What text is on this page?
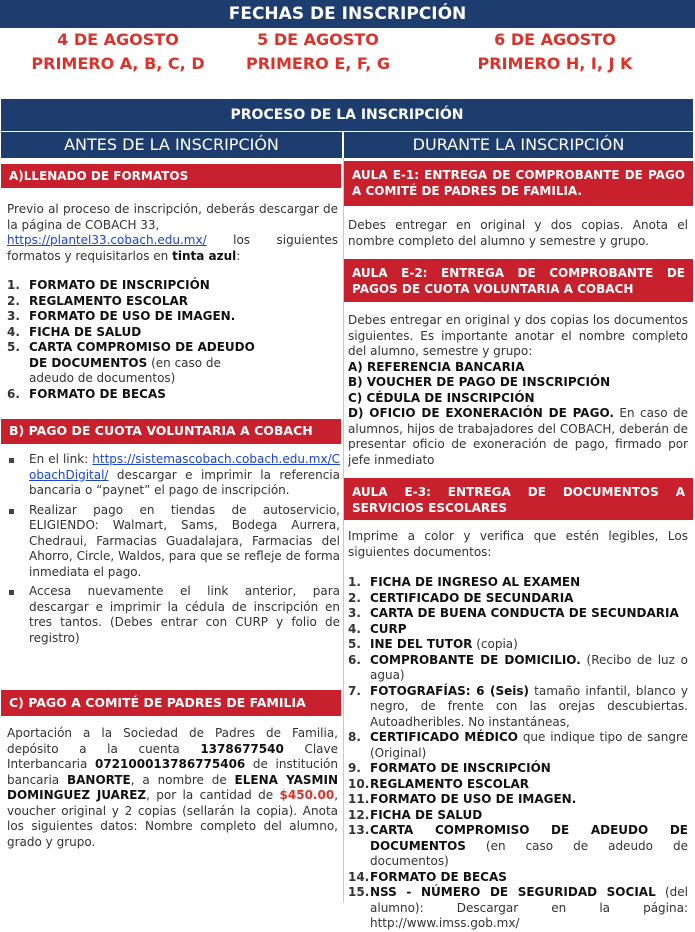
FECHAS DE INSCRIPCIÓN
4 DE AGOSTO
PRIMERO A, B, C, D
5 DE AGOSTO
PRIMERO E, F, G
6 DE AGOSTO
PRIMERO H, I, J K
PROCESO DE LA INSCRIPCIÓN
ANTES DE LA INSCRIPCIÓN	DURANTE LA INSCRIPCIÓN
A)LLENADO DE FORMATOS
Previo al proceso de inscripción, deberás descargar de la página de COBACH 33,
https://plantel33.cobach.edu.mx/ los siguientes formatos y requisitarlos en tinta azul:
1. FORMATO DE INSCRIPCIÓN
2. REGLAMENTO ESCOLAR
3. FORMATO DE USO DE IMAGEN.
4. FICHA DE SALUD
5. CARTA COMPROMISO DE ADEUDO DE DOCUMENTOS (en caso de adeudo de documentos)
6. FORMATO DE BECAS
B) PAGO DE CUOTA VOLUNTARIA A COBACH
En el link: https://sistemascobach.cobach.edu.mx/CobachDigital/ descargar e imprimir la referencia bancaria o “paynet” el pago de inscripción.
Realizar pago en tiendas de autoservicio, ELIGIENDO: Walmart, Sams, Bodega Aurrera, Chedraui, Farmacias Guadalajara, Farmacias del Ahorro, Circle, Waldos, para que se refleje de forma inmediata el pago.
Accesa nuevamente el link anterior, para descargar e imprimir la cédula de inscripción en tres tantos. (Debes entrar con CURP y folio de registro)
C) PAGO A COMITÉ DE PADRES DE FAMILIA
Aportación a la Sociedad de Padres de Familia, depósito a la cuenta 1378677540 Clave Interbancaria 072100013786775406 de institución bancaria BANORTE, a nombre de ELENA YASMIN DOMINGUEZ JUAREZ, por la cantidad de $450.00, voucher original y 2 copias (sellarán la copia). Anota los siguientes datos: Nombre completo del alumno, grado y grupo.
AULA E-1: ENTREGA DE COMPROBANTE DE PAGO A COMITÉ DE PADRES DE FAMILIA.
Debes entregar en original y dos copias. Anota el nombre completo del alumno y semestre y grupo.
AULA E-2: ENTREGA DE COMPROBANTE DE PAGOS DE CUOTA VOLUNTARIA A COBACH
Debes entregar en original y dos copias los documentos siguientes. Es importante anotar el nombre completo del alumno, semestre y grupo:
A) REFERENCIA BANCARIA
B) VOUCHER DE PAGO DE INSCRIPCIÓN
C) CÉDULA DE INSCRIPCIÓN
D) OFICIO DE EXONERACIÓN DE PAGO. En caso de alumnos, hijos de trabajadores del COBACH, deberán de presentar oficio de exoneración de pago, firmado por jefe inmediato
AULA E-3: ENTREGA DE DOCUMENTOS A SERVICIOS ESCOLARES
Imprime a color y verifica que estén legibles, Los siguientes documentos:
1. FICHA DE INGRESO AL EXAMEN
2. CERTIFICADO DE SECUNDARIA
3. CARTA DE BUENA CONDUCTA DE SECUNDARIA
4. CURP
5. INE DEL TUTOR (copia)
6. COMPROBANTE DE DOMICILIO. (Recibo de luz o agua)
7. FOTOGRAFÍAS: 6 (Seis) tamaño infantil, blanco y negro, de frente con las orejas descubiertas. Autoadheribles. No instantáneas,
8. CERTIFICADO MÉDICO que indique tipo de sangre (Original)
9. FORMATO DE INSCRIPCIÓN
10. REGLAMENTO ESCOLAR
11. FORMATO DE USO DE IMAGEN.
12. FICHA DE SALUD
13. CARTA COMPROMISO DE ADEUDO DE DOCUMENTOS (en caso de adeudo de documentos)
14. FORMATO DE BECAS
15. NSS - NÚMERO DE SEGURIDAD SOCIAL (del alumno): Descargar en la página: http://www.imss.gob.mx/
